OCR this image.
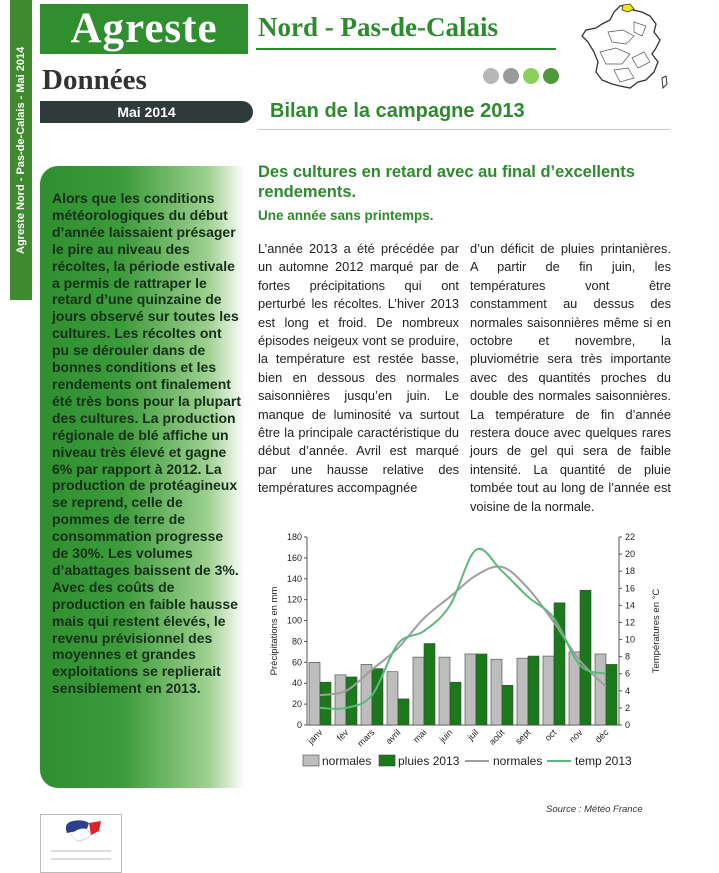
Agreste Nord - Pas-de-Calais - Mai 2014
Agreste	Nord - Pas-de-Calais
Données
Mai 2014	Bilan de la campagne 2013
Alors que les conditions météorologiques du début d’année laissaient présager le pire au niveau des récoltes, la période estivale a permis de rattraper le retard d’une quinzaine de jours observé sur toutes les cultures. Les récoltes ont pu se dérouler dans de bonnes conditions et les rendements ont finalement été très bons pour la plupart des cultures. La production régionale de blé affiche un niveau très élevé et gagne 6% par rapport à 2012. La production de protéagineux se reprend, celle de pommes de terre de consommation progresse de 30%. Les volumes d’abattages baissent de 3%. Avec des coûts de production en faible hausse mais qui restent élevés, le revenu prévisionnel des moyennes et grandes exploitations se replierait sensiblement en 2013.
Des cultures en retard avec au final d’excellents rendements.
Une année sans printemps.
L’année 2013 a été précédée par un automne 2012 marqué par de fortes précipitations qui ont perturbé les récoltes. L’hiver 2013 est long et froid. De nombreux épisodes neigeux vont se produire, la température est restée basse, bien en dessous des normales saisonnières jusqu’en juin. Le manque de luminosité va surtout être la principale caractéristique du début d’année. Avril est marqué par une hausse relative des températures accompagnée
d’un déficit de pluies printanières. A partir de fin juin, les températures vont être constamment au dessus des normales saisonnières même si en octobre et novembre, la pluviométrie sera très importante avec des quantités proches du double des normales saisonnières. La température de fin d’année restera douce avec quelques rares jours de gel qui sera de faible intensité. La quantité de pluie tombée tout au long de l’année est voisine de la normale.
0
20
40
60
80
100
120
140
160
180
0
2
4
6
8
10
12
14
16
18
20
22
Précipitations en mm	Températures en °C
janv fév mars avril mai juin juil août sept oct nov déc
normales pluies 2013	normales	temp 2013
Source : Météo France
